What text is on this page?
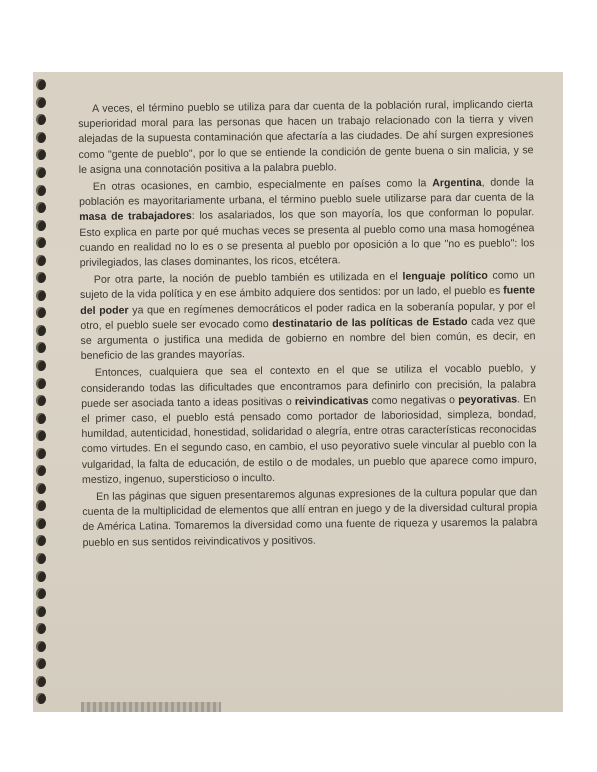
A veces, el término pueblo se utiliza para dar cuenta de la población rural, implicando cierta superioridad moral para las personas que hacen un trabajo relacionado con la tierra y viven alejadas de la supuesta contaminación que afectaría a las ciudades. De ahí surgen expresiones como "gente de pueblo", por lo que se entiende la condición de gente buena o sin malicia, y se le asigna una connotación positiva a la palabra pueblo.

En otras ocasiones, en cambio, especialmente en países como la Argentina, donde la población es mayoritariamente urbana, el término pueblo suele utilizarse para dar cuenta de la masa de trabajadores: los asalariados, los que son mayoría, los que conforman lo popular. Esto explica en parte por qué muchas veces se presenta al pueblo como una masa homogénea cuando en realidad no lo es o se presenta al pueblo por oposición a lo que "no es pueblo": los privilegiados, las clases dominantes, los ricos, etcétera.

Por otra parte, la noción de pueblo también es utilizada en el lenguaje político como un sujeto de la vida política y en ese ámbito adquiere dos sentidos: por un lado, el pueblo es fuente del poder ya que en regímenes democráticos el poder radica en la soberanía popular, y por el otro, el pueblo suele ser evocado como destinatario de las políticas de Estado cada vez que se argumenta o justifica una medida de gobierno en nombre del bien común, es decir, en beneficio de las grandes mayorías.

Entonces, cualquiera que sea el contexto en el que se utiliza el vocablo pueblo, y considerando todas las dificultades que encontramos para definirlo con precisión, la palabra puede ser asociada tanto a ideas positivas o reivindicativas como negativas o peyorativas. En el primer caso, el pueblo está pensado como portador de laboriosidad, simpleza, bondad, humildad, autenticidad, honestidad, solidaridad o alegría, entre otras características reconocidas como virtudes. En el segundo caso, en cambio, el uso peyorativo suele vincular al pueblo con la vulgaridad, la falta de educación, de estilo o de modales, un pueblo que aparece como impuro, mestizo, ingenuo, supersticioso o inculto.

En las páginas que siguen presentaremos algunas expresiones de la cultura popular que dan cuenta de la multiplicidad de elementos que allí entran en juego y de la diversidad cultural propia de América Latina. Tomaremos la diversidad como una fuente de riqueza y usaremos la palabra pueblo en sus sentidos reivindicativos y positivos.
